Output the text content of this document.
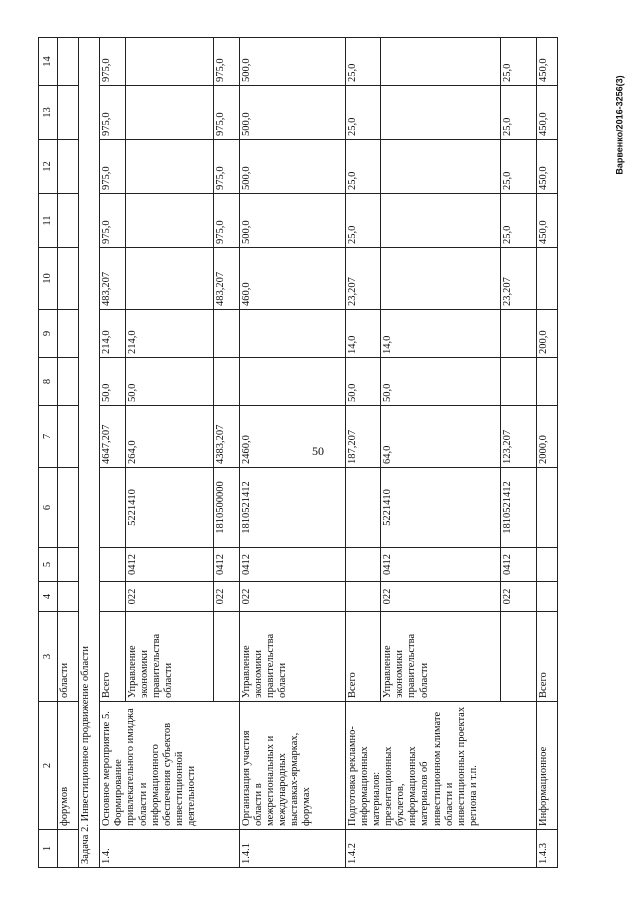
50
Варвенко/2016-3256(3)
1	2	3	4	5	6	7	8	9	10	11	12	13	14
	форумов	области											
Задача 2. Инвестиционное продвижение области													
1.4.	Основное мероприятие 5. Формирование привлекательного имиджа области и информационного обеспечения субъектов инвестиционной деятельности	Всего				4647,207	50,0	214,0	483,207	975,0	975,0	975,0	975,0
		Управление экономики правительства области	022	0412	5221410	264,0	50,0	214,0					
			022	0412	1810500000	4383,207			483,207	975,0	975,0	975,0	975,0
1.4.1	Организация участия области в межрегиональных и международных выставках-ярмарках, форумах	Управление экономики правительства области	022	0412	1810521412	2460,0			460,0	500,0	500,0	500,0	500,0
1.4.2	Подготовка рекламно-информационных материалов: презентационных буклетов, информационных материалов об инвестиционном климате области и инвестиционных проектах региона и т.п.	Всего				187,207	50,0	14,0	23,207	25,0	25,0	25,0	25,0
		Управление экономики правительства области	022	0412	5221410	64,0	50,0	14,0					
			022	0412	1810521412	123,207			23,207	25,0	25,0	25,0	25,0
1.4.3	Информационное	Всего				2000,0		200,0		450,0	450,0	450,0	450,0
